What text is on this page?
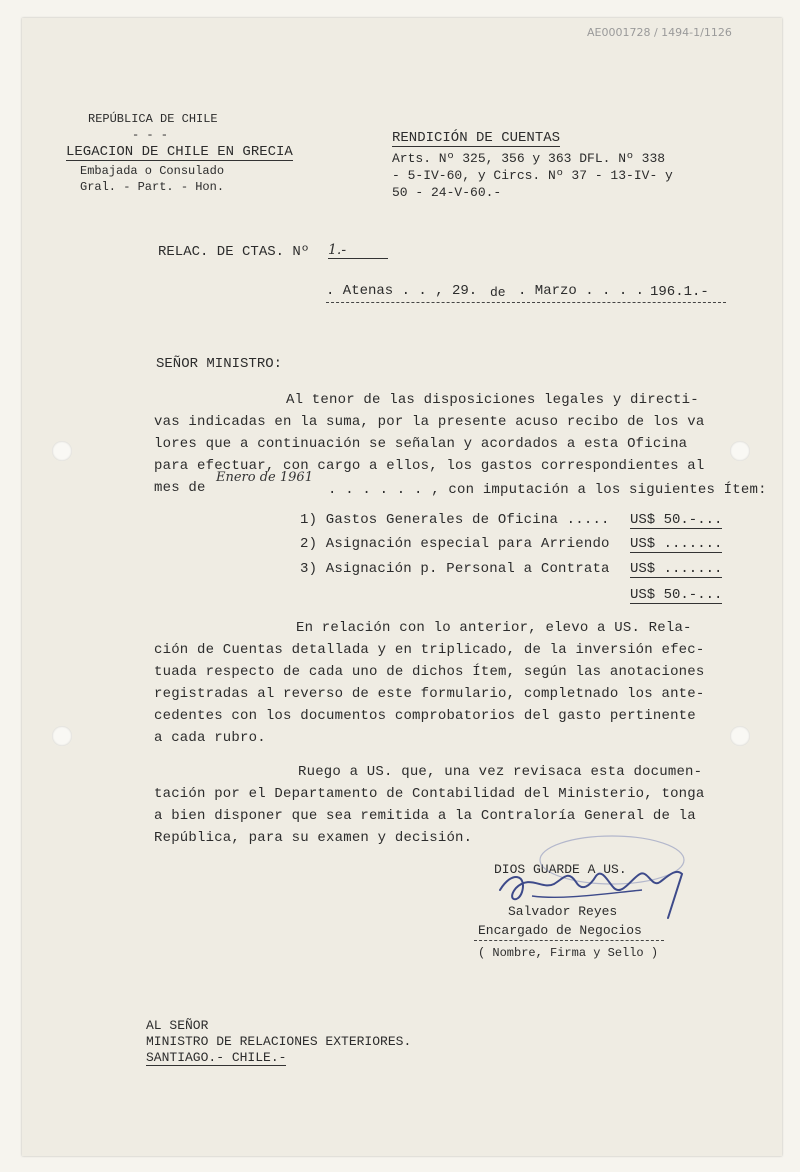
AE0001728 / 1494-1/1126
REPÚBLICA DE CHILE
- - -
LEGACION DE CHILE EN GRECIA
Embajada o Consulado
Gral. - Part. - Hon.
RENDICIÓN DE CUENTAS
Arts. Nº 325, 356 y 363 DFL. Nº 338
- 5-IV-60, y Circs. Nº 37 - 13-IV- y
50 - 24-V-60.-
RELAC. DE CTAS. Nº 1.-
. Atenas . . , 29. de . Marzo . . . . 196.1.-
SEÑOR MINISTRO:
Al tenor de las disposiciones legales y directi-
vas indicadas en la suma, por la presente acuso recibo de los va
lores que a continuación se señalan y acordados a esta Oficina
para efectuar, con cargo a ellos, los gastos correspondientes al
mes de
Enero de 1961
. . . . . . , con imputación a los siguientes Ítem:
1) Gastos Generales de Oficina ..... US$ 50.-...
2) Asignación especial para Arriendo US$ .......
3) Asignación p. Personal a Contrata US$ .......
US$ 50.-...
En relación con lo anterior, elevo a US. Rela-
ción de Cuentas detallada y en triplicado, de la inversión efec-
tuada respecto de cada uno de dichos Ítem, según las anotaciones
registradas al reverso de este formulario, completnado los ante-
cedentes con los documentos comprobatorios del gasto pertinente
a cada rubro.
Ruego a US. que, una vez revisaca esta documen-
tación por el Departamento de Contabilidad del Ministerio, tonga
a bien disponer que sea remitida a la Contraloría General de la
República, para su examen y decisión.
DIOS GUARDE A US.
Salvador Reyes
Encargado de Negocios
( Nombre, Firma y Sello )
AL SEÑOR
MINISTRO DE RELACIONES EXTERIORES.
SANTIAGO.- CHILE.-
